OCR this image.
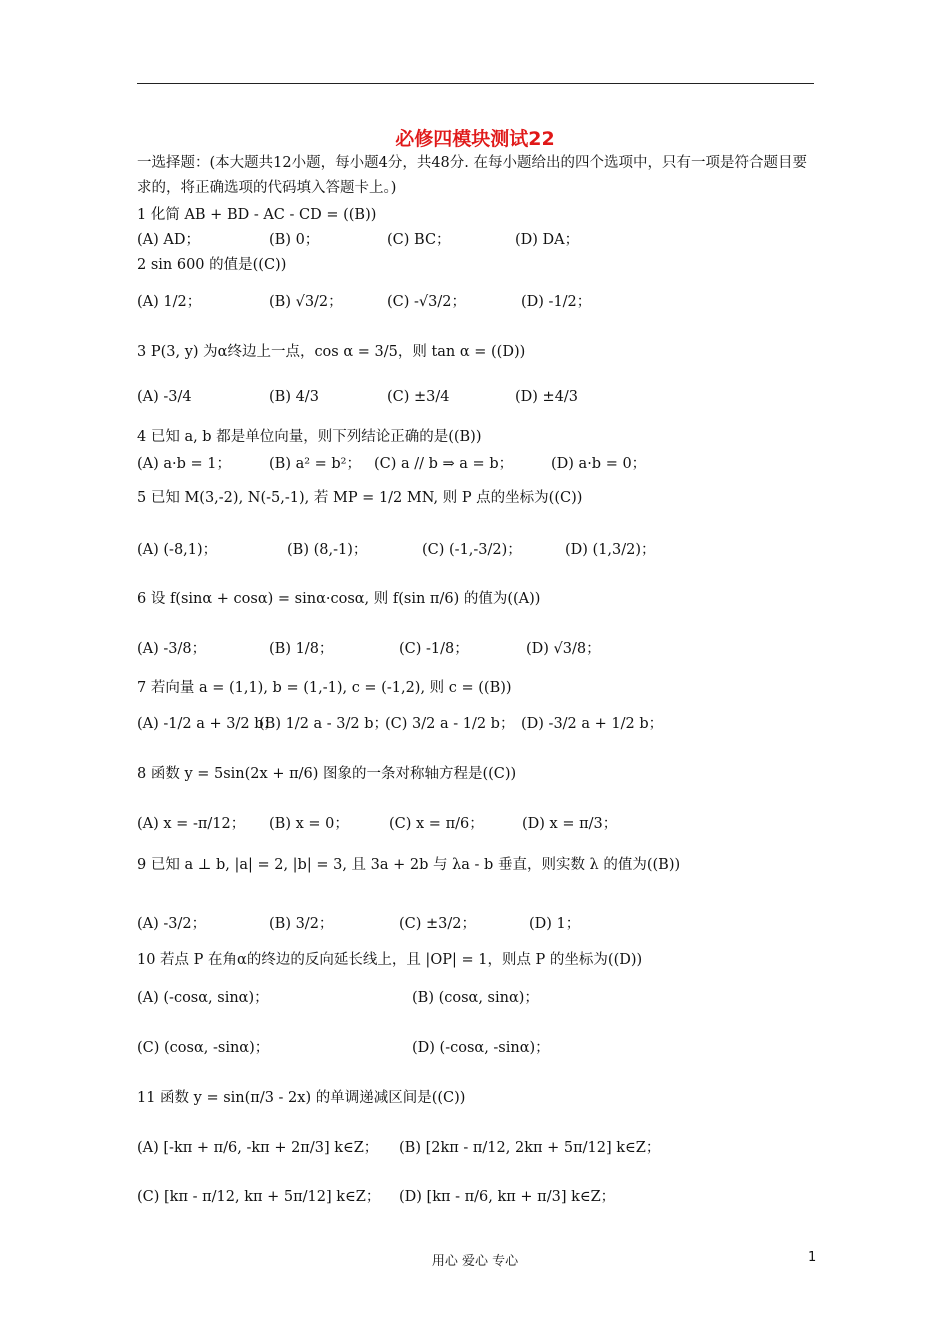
必修四模块测试22
一选择题：(本大题共12小题，每小题4分，共48分. 在每小题给出的四个选项中，只有一项是符合题目要求的，将正确选项的代码填入答题卡上。)
1 化简 AB + BD - AC - CD = ((B))
(A) AD；	(B) 0；	(C) BC；	(D) DA；
2 sin 600 的值是((C))
(A) 1/2；	(B) √3/2；	(C) -√3/2；	(D) -1/2；
3 P(3, y) 为α终边上一点，cos α = 3/5，则 tan α = ((D))
(A) -3/4	(B) 4/3	(C) ±3/4	(D) ±4/3
4 已知 a, b 都是单位向量，则下列结论正确的是((B))
(A) a·b = 1；	(B) a² = b²； (C) a // b ⇒ a = b；	(D) a·b = 0；
5 已知 M(3,-2), N(-5,-1), 若 MP = 1/2 MN, 则 P 点的坐标为((C))
(A) (-8,1)；	(B) (8,-1)；	(C) (-1,-3/2)；	(D) (1,3/2)；
6 设 f(sinα + cosα) = sinα·cosα, 则 f(sin π/6) 的值为((A))
(A) -3/8；	(B) 1/8；	(C) -1/8；	(D) √3/8；
7 若向量 a = (1,1), b = (1,-1), c = (-1,2), 则 c = ((B))
(A) -1/2 a + 3/2 b；
(B) 1/2 a - 3/2 b；
(C) 3/2 a - 1/2 b； (D) -3/2 a + 1/2 b；
8 函数 y = 5sin(2x + π/6) 图象的一条对称轴方程是((C))
(A) x = -π/12； (B) x = 0；	(C) x = π/6；	(D) x = π/3；
9 已知 a ⊥ b, |a| = 2, |b| = 3, 且 3a + 2b 与 λa - b 垂直，则实数 λ 的值为((B))
(A) -3/2；	(B) 3/2；	(C) ±3/2；	(D) 1；
10 若点 P 在角α的终边的反向延长线上，且 |OP| = 1，则点 P 的坐标为((D))
(A) (-cosα, sinα)；	(B) (cosα, sinα)；
(C) (cosα, -sinα)；	(D) (-cosα, -sinα)；
11 函数 y = sin(π/3 - 2x) 的单调递减区间是((C))
(A) [-kπ + π/6, -kπ + 2π/3] k∈Z； (B) [2kπ - π/12, 2kπ + 5π/12] k∈Z；
(C) [kπ - π/12, kπ + 5π/12] k∈Z； (D) [kπ - π/6, kπ + π/3] k∈Z；
用心 爱心 专心	1
